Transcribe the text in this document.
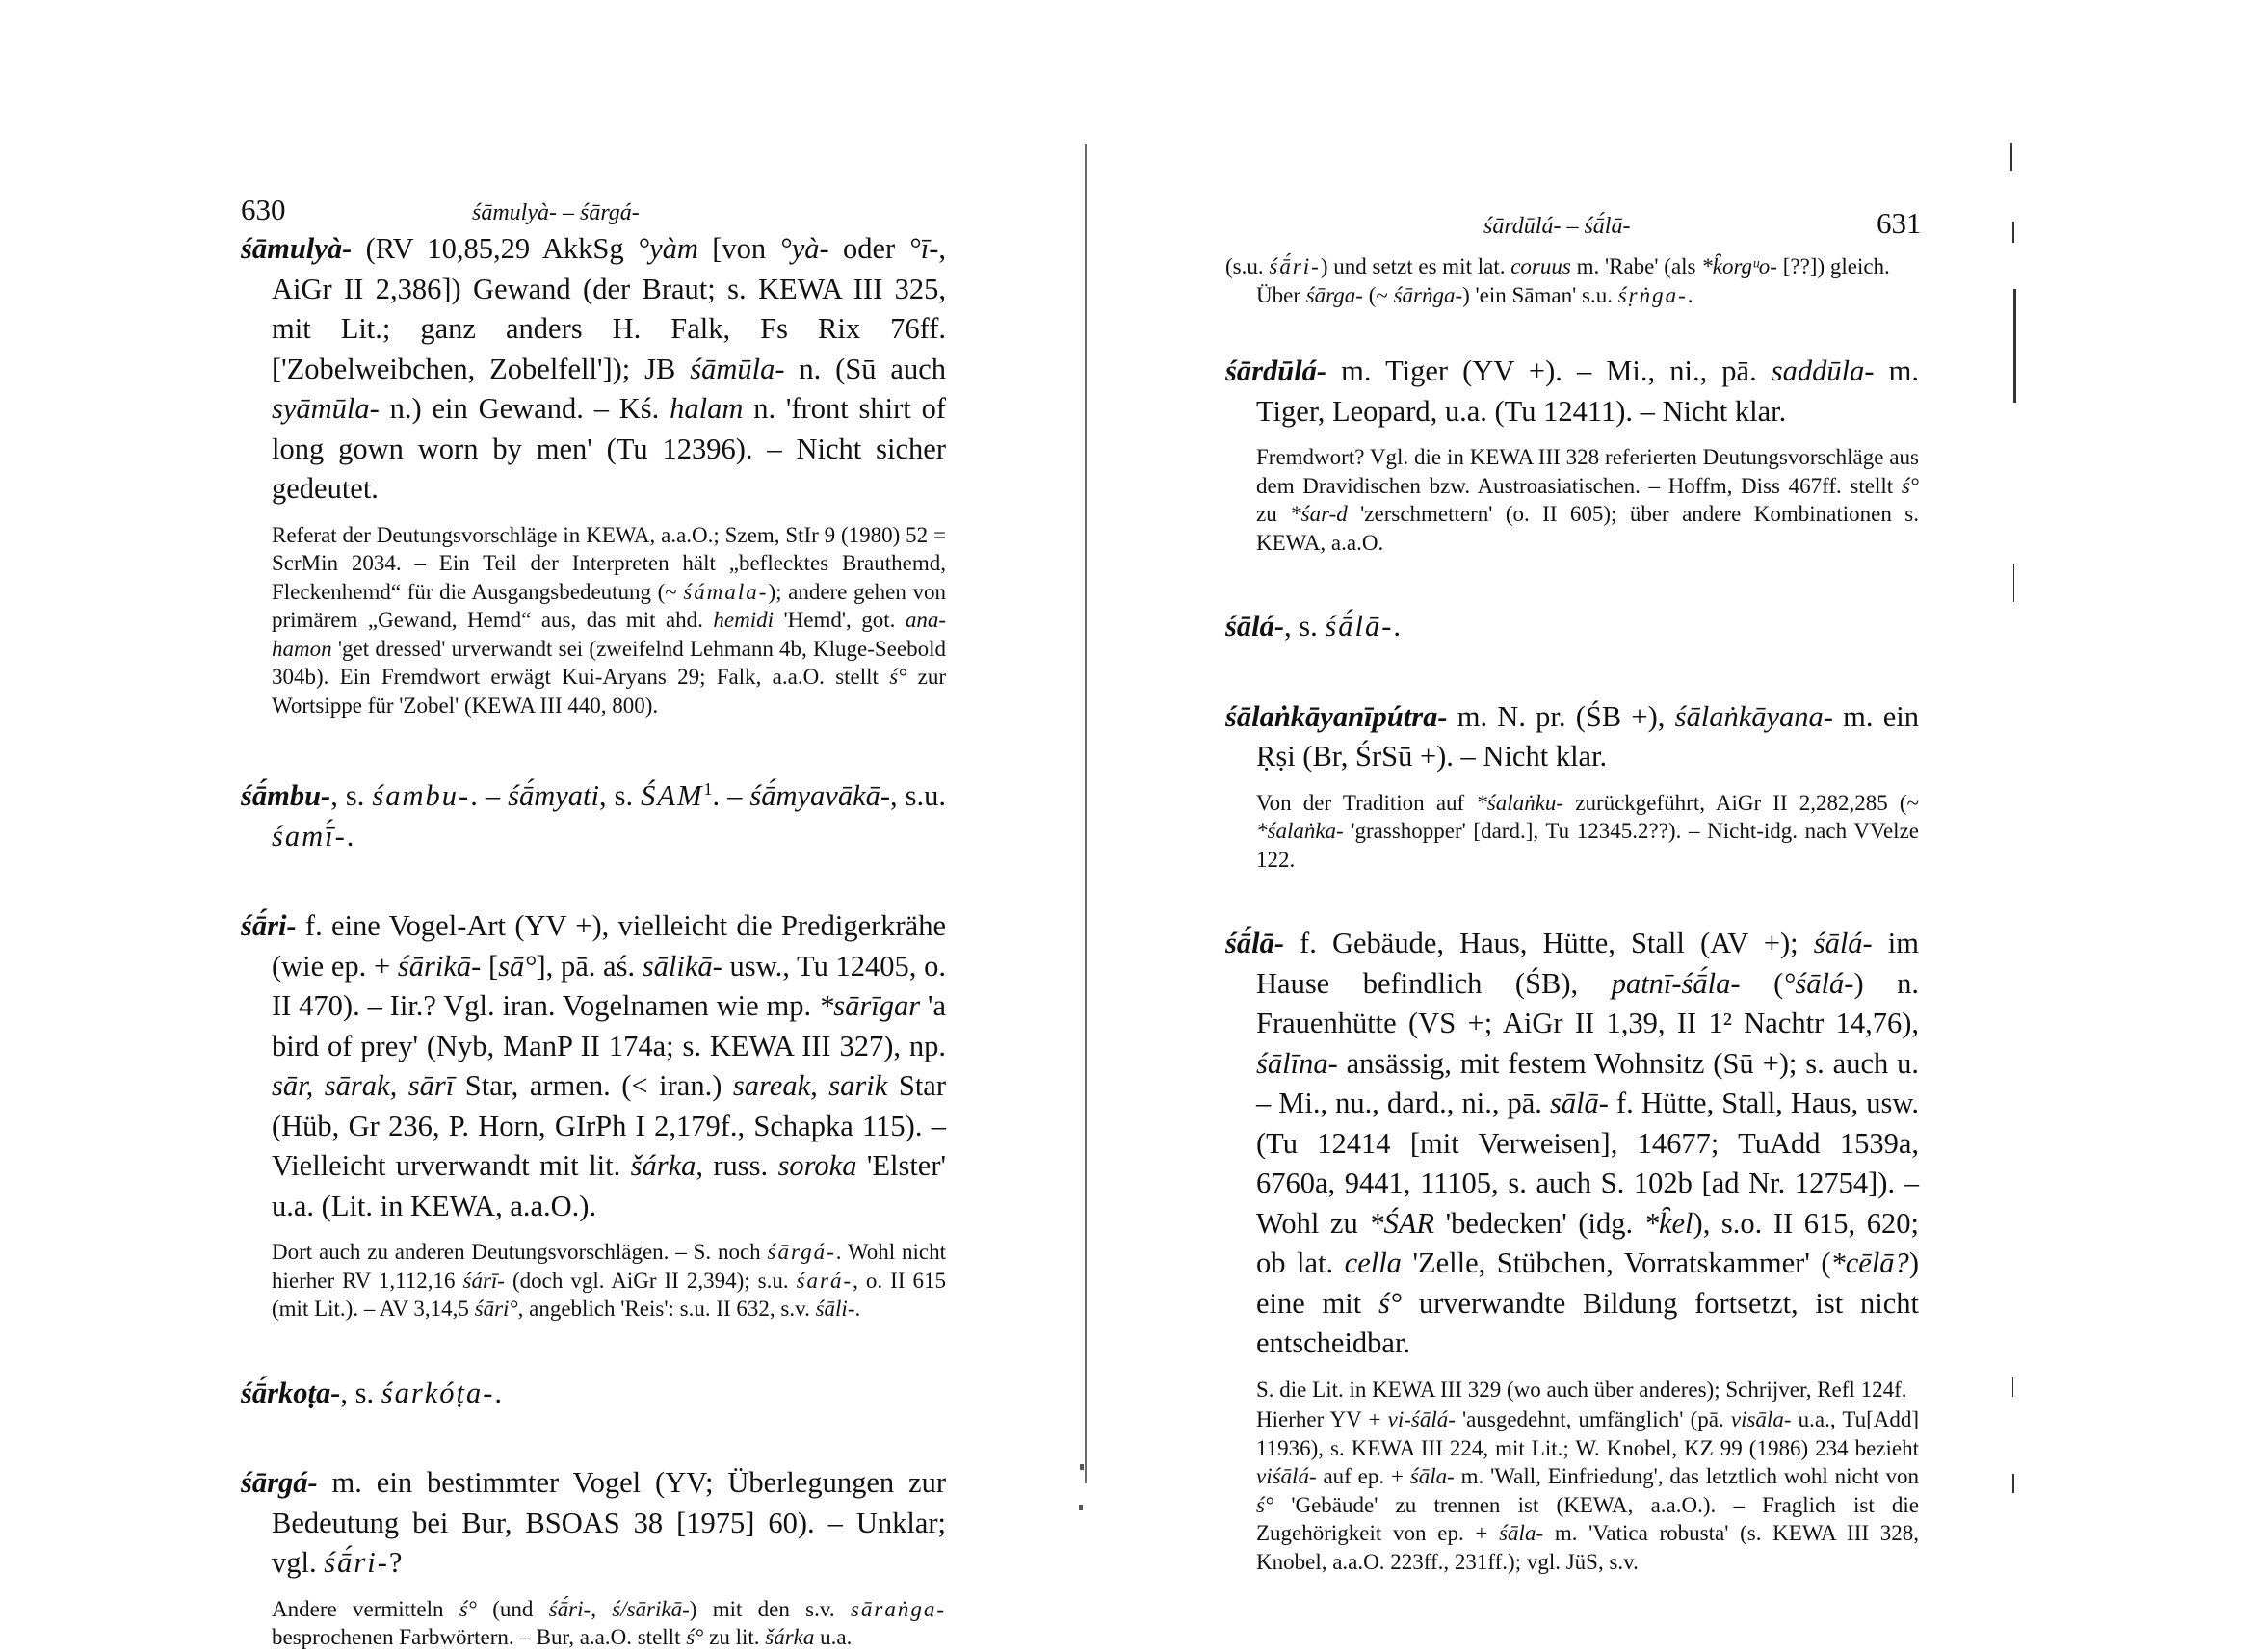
630	śāmulyà- – śārgá-

śāmulyà- (RV 10,85,29 AkkSg °yàm [von °yà- oder °ī-, AiGr II 2,386]) Gewand (der Braut; s. KEWA III 325, mit Lit.; ganz anders H. Falk, Fs Rix 76ff. ['Zobelweibchen, Zobelfell']); JB śāmūla- n. (Sū auch syāmūla- n.) ein Gewand. – Kś. halam n. 'front shirt of long gown worn by men' (Tu 12396). – Nicht sicher gedeutet.

Referat der Deutungsvorschläge in KEWA, a.a.O.; Szem, StIr 9 (1980) 52 = ScrMin 2034. – Ein Teil der Interpreten hält „beflecktes Brauthemd, Fleckenhemd“ für die Ausgangsbedeutung (~ śámala-); andere gehen von primärem „Gewand, Hemd“ aus, das mit ahd. hemidi 'Hemd', got. ana-hamon 'get dressed' urverwandt sei (zweifelnd Lehmann 4b, Kluge-Seebold 304b). Ein Fremdwort erwägt Kui-Aryans 29; Falk, a.a.O. stellt ś° zur Wortsippe für 'Zobel' (KEWA III 440, 800).

śā́mbu-, s. śambu-. – śā́myati, s. ŚAM$^1$. – śā́myavākā-, s.u. śamī́-.

śā́ri- f. eine Vogel-Art (YV +), vielleicht die Predigerkrähe (wie ep. + śārikā- [sā°], pā. aś. sālikā- usw., Tu 12405, o. II 470). – Iir.? Vgl. iran. Vogelnamen wie mp. *sārīgar 'a bird of prey' (Nyb, ManP II 174a; s. KEWA III 327), np. sār, sārak, sārī Star, armen. (< iran.) sareak, sarik Star (Hüb, Gr 236, P. Horn, GIrPh I 2,179f., Schapka 115). – Vielleicht urverwandt mit lit. šárka, russ. soroka 'Elster' u.a. (Lit. in KEWA, a.a.O.).

Dort auch zu anderen Deutungsvorschlägen. – S. noch śārgá-. Wohl nicht hierher RV 1,112,16 śárī- (doch vgl. AiGr II 2,394); s.u. śará-, o. II 615 (mit Lit.). – AV 3,14,5 śāri°, angeblich 'Reis': s.u. II 632, s.v. śāli-.

śā́rkoṭa-, s. śarkóṭa-.

śārgá- m. ein bestimmter Vogel (YV; Überlegungen zur Bedeutung bei Bur, BSOAS 38 [1975] 60). – Unklar; vgl. śā́ri-?

Andere vermitteln ś° (und śā́ri-, ś/sārikā-) mit den s.v. sāraṅga- besprochenen Farbwörtern. – Bur, a.a.O. stellt ś° zu lit. šárka u.a.

śārdūlá- – śā́lā-	631

(s.u. śā́ri-) und setzt es mit lat. coruus m. 'Rabe' (als *k̑orgᵘo- [??]) gleich.

Über śārga- (~ śārṅga-) 'ein Sāman' s.u. śṛṅga-.

śārdūlá- m. Tiger (YV +). – Mi., ni., pā. saddūla- m. Tiger, Leopard, u.a. (Tu 12411). – Nicht klar.

Fremdwort? Vgl. die in KEWA III 328 referierten Deutungsvorschläge aus dem Dravidischen bzw. Austroasiatischen. – Hoffm, Diss 467ff. stellt ś° zu *śar-d 'zerschmettern' (o. II 605); über andere Kombinationen s. KEWA, a.a.O.

śālá-, s. śā́lā-.

śālaṅkāyanīpútra- m. N. pr. (ŚB +), śālaṅkāyana- m. ein Ṛṣi (Br, ŚrSū +). – Nicht klar.

Von der Tradition auf *śalaṅku- zurückgeführt, AiGr II 2,282,285 (~ *śalaṅka- 'grasshopper' [dard.], Tu 12345.2??). – Nicht-idg. nach VVelze 122.

śā́lā- f. Gebäude, Haus, Hütte, Stall (AV +); śālá- im Hause befindlich (ŚB), patnī-śā́la- (°śālá-) n. Frauenhütte (VS +; AiGr II 1,39, II 1² Nachtr 14,76), śālīna- ansässig, mit festem Wohnsitz (Sū +); s. auch u. – Mi., nu., dard., ni., pā. sālā- f. Hütte, Stall, Haus, usw. (Tu 12414 [mit Verweisen], 14677; TuAdd 1539a, 6760a, 9441, 11105, s. auch S. 102b [ad Nr. 12754]). – Wohl zu *ŚAR 'bedecken' (idg. *k̑el), s.o. II 615, 620; ob lat. cella 'Zelle, Stübchen, Vorratskammer' (*cēlā?) eine mit ś° urverwandte Bildung fortsetzt, ist nicht entscheidbar.

S. die Lit. in KEWA III 329 (wo auch über anderes); Schrijver, Refl 124f.

Hierher YV + vi-śālá- 'ausgedehnt, umfänglich' (pā. visāla- u.a., Tu[Add] 11936), s. KEWA III 224, mit Lit.; W. Knobel, KZ 99 (1986) 234 bezieht viśālá- auf ep. + śāla- m. 'Wall, Einfriedung', das letztlich wohl nicht von ś° 'Gebäude' zu trennen ist (KEWA, a.a.O.). – Fraglich ist die Zugehörigkeit von ep. + śāla- m. 'Vatica robusta' (s. KEWA III 328, Knobel, a.a.O. 223ff., 231ff.); vgl. JüS, s.v.
